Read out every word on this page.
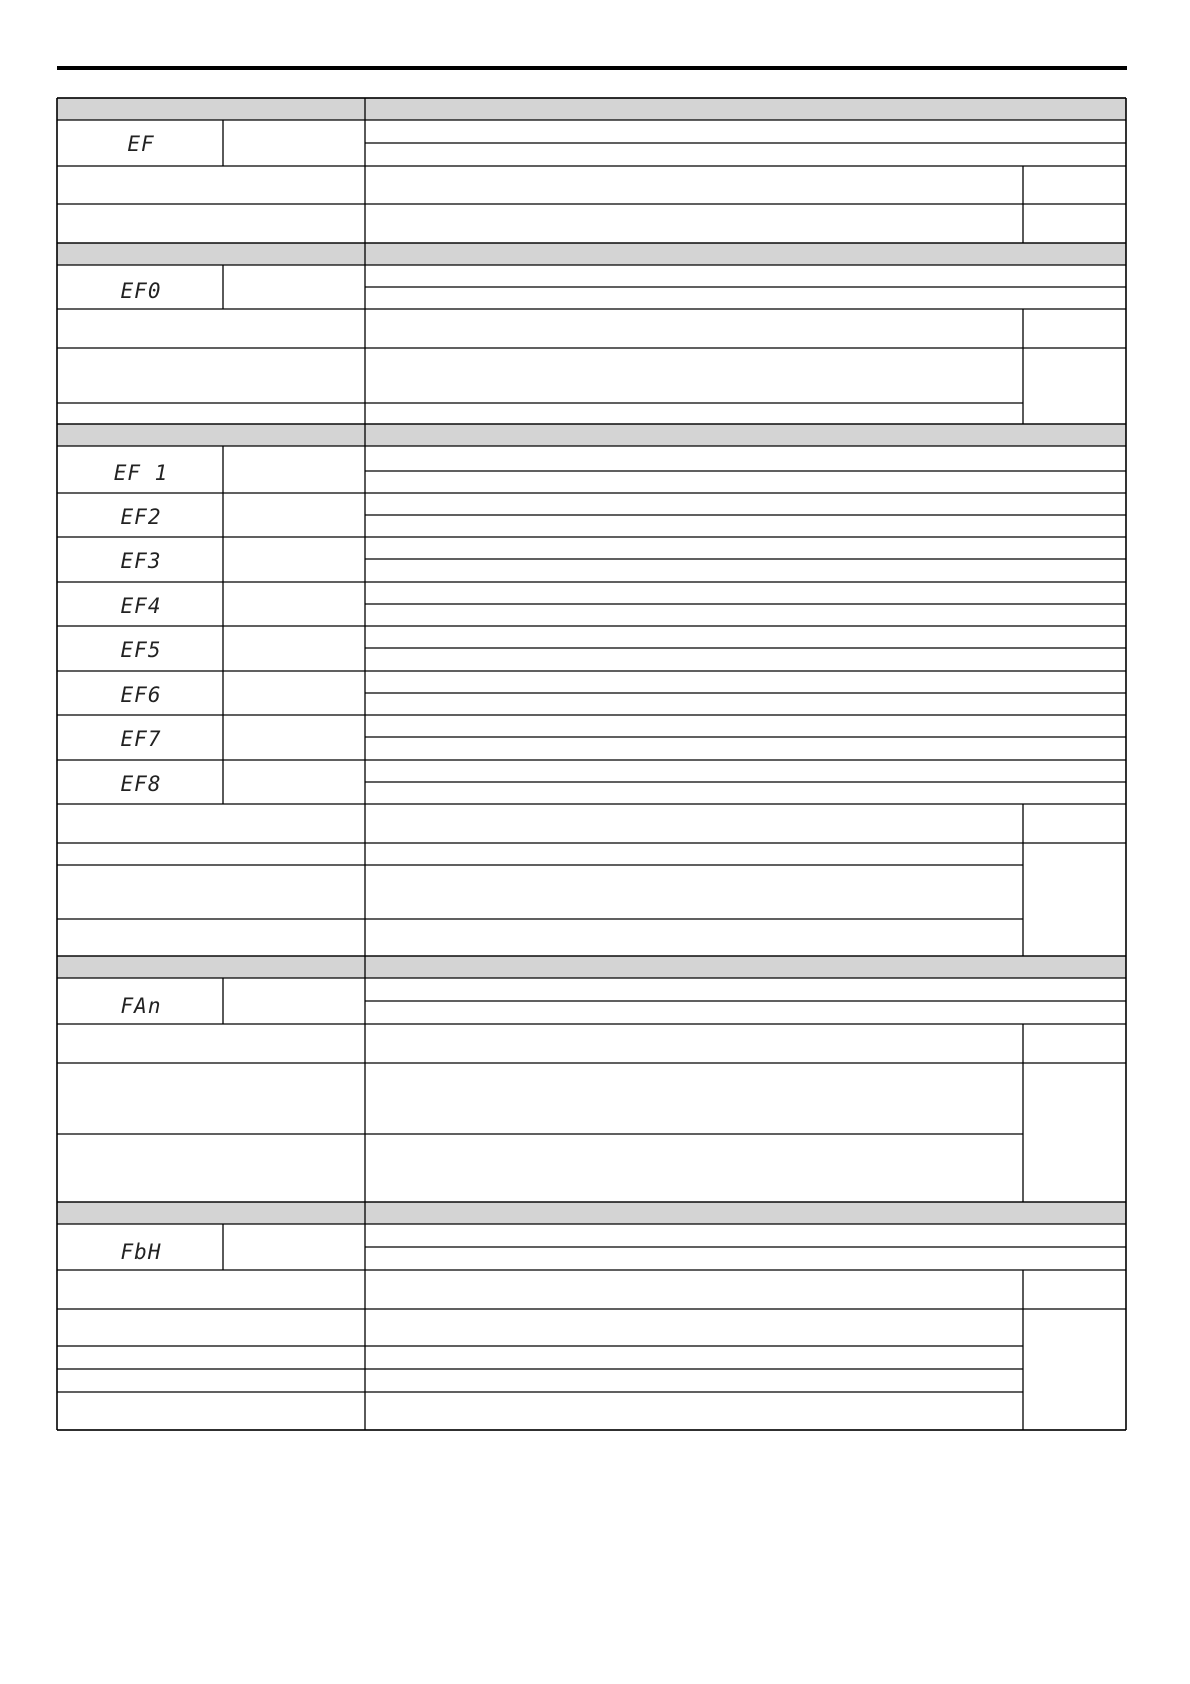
EF
EF0
EF 1
EF2
EF3
EF4
EF5
EF6
EF7
EF8
FAn
FbH
